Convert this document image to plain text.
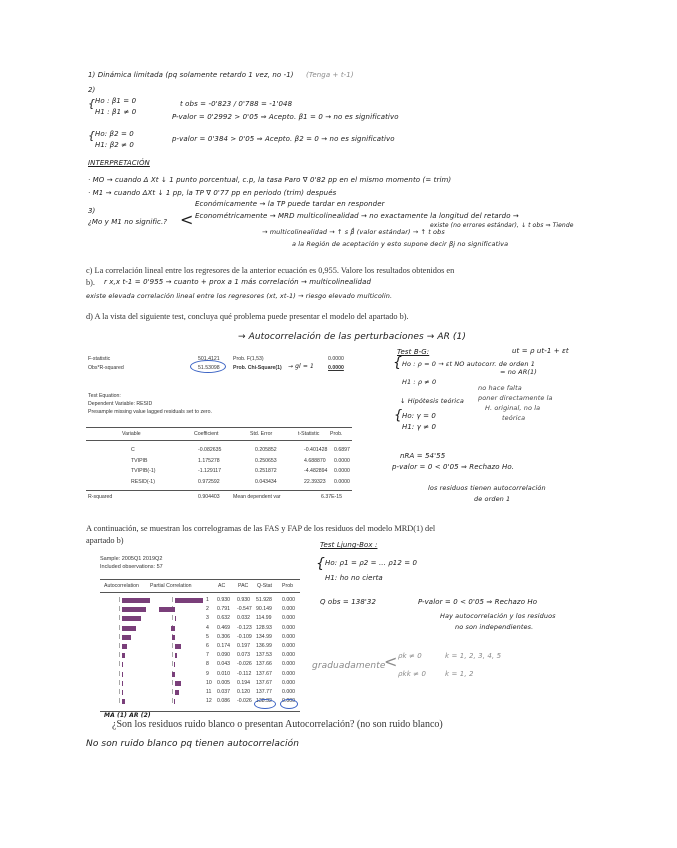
1) Dinámica limitada (pq solamente retardo 1 vez, no -1) (Tenga + t-1)
2)
{ Ho : β1 = 0
H1 : β1 ≠ 0
t obs = -0'823 / 0'788 = -1'048
P-valor = 0'2992 > 0'05 ⇒ Acepto. β1 = 0 → no es significativo
{ Ho: β2 = 0
H1: β2 ≠ 0
p-valor = 0'384 > 0'05 ⇒ Acepto. β2 = 0 → no es significativo
INTERPRETACIÓN
· MO → cuando Δ Xt ↓ 1 punto porcentual, c.p, la tasa Paro ∇ 0'82 pp en el mismo momento (= trim)
· M1 → cuando ΔXt ↓ 1 pp, la TP ∇ 0'77 pp en periodo (trim) después
3)
¿Mo y M1 no signific.? <
Económicamente → la TP puede tardar en responder
Econométricamente → MRD multicolinealidad → no exactamente la longitud del retardo →
existe (no errores estándar), ↓ t obs ⇒ Tiende
→ multicolinealidad → ↑ s β̂ (valor estándar) → ↑ t obs
a la Región de aceptación y esto supone decir βj no significativa
c) La correlación lineal entre los regresores de la anterior ecuación es 0,955. Valore los resultados obtenidos en
b). r x,x t-1 = 0'955 → cuanto + prox a 1 más correlación → multicolinealidad
existe elevada correlación lineal entre los regresores (xt, xt-1) → riesgo elevado multicolin.
d) A la vista del siguiente test, concluya qué problema puede presentar el modelo del apartado b).
→ Autocorrelación de las perturbaciones → AR (1)
ut = ρ ut-1 + εt
Test B-G:
{ Ho : ρ = 0 → εt NO autocorr. de orden 1
= no AR(1)
H1 : ρ ≠ 0
F-statistic	501.4121	Prob. F(1,53)	0.0000
Obs*R-squared	51.53098	Prob. Chi-Square(1) → gl = 1	0.0000
Test Equation:
Dependent Variable: RESID
Presample missing value lagged residuals set to zero.
Variable	Coefficient	Std. Error	t-Statistic Prob.
C	-0.082635	0.205852	-0.401428 0.6897
TVIPIB	1.175278	0.250653	4.688870 0.0000
TVIPIB(-1)	-1.129117	0.251872	-4.482894 0.0000
RESID(-1)	0.972592	0.043434	22.39323 0.0000
R-squared	0.904403	Mean dependent var	6.37E-15
↓ Hipótesis teórica
no hace falta
poner directamente la
H. original, no la
teórica
{ Ho: γ = 0
H1: γ ≠ 0
nRA = 54'55
p-valor = 0 < 0'05 ⇒ Rechazo Ho.
los residuos tienen autocorrelación
de orden 1
A continuación, se muestran los correlogramas de las FAS y FAP de los residuos del modelo MRD(1) del
apartado b)
Sample: 2005Q1 2019Q2
Included observations: 57
Autocorrelation Partial Correlation	AC PAC Q-Stat Prob
|	|	1 0.930 0.930 51.928 0.000
|	2 0.791 -0.547 90.149 0.000
|	|	3 0.632 0.032 114.99 0.000
|	4 0.469 -0.123 128.93 0.000
|	5 0.306 -0.109 134.99 0.000
|	|	6 0.174 0.197 136.99 0.000
|	|	7 0.090 0.073 137.53 0.000
|	|	8 0.043 -0.026 137.66 0.000
|	9 0.010 -0.112 137.67 0.000
|	|	10 0.005 0.194 137.67 0.000
|	|	11 0.037 0.120 137.77 0.000
|	|	12 0.086 -0.026 138.32 0.000
MA (1) AR (2)
Test Ljung-Box :
{ Ho: ρ1 = ρ2 = ... ρ12 = 0
H1: ho no cierta
Q obs = 138'32	P-valor = 0 < 0'05 ⇒ Rechazo Ho
Hay autocorrelación y los residuos
no son independientes.
graduadamente
< ρk ≠ 0
ρkk ≠ 0
k = 1, 2, 3, 4, 5
k = 1, 2
¿Son los residuos ruido blanco o presentan Autocorrelación? (no son ruido blanco)
No son ruido blanco pq tienen autocorrelación
